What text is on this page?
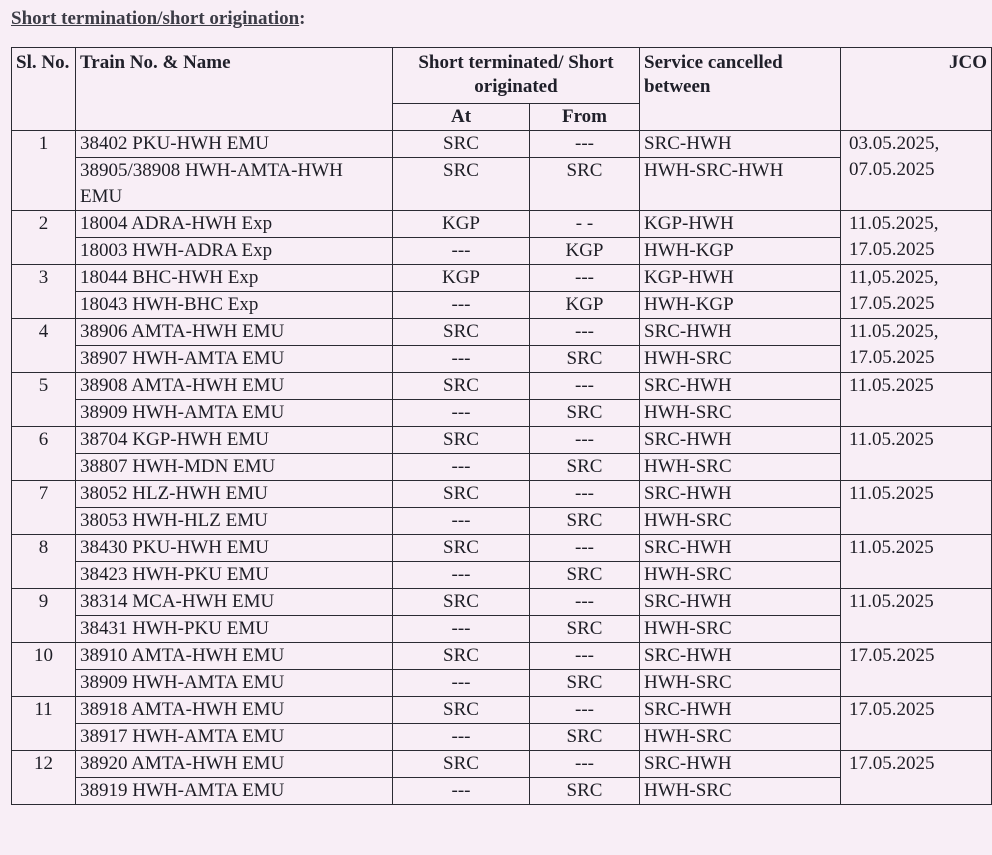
Short termination/short origination:
Sl. No.	Train No. & Name	Short terminated/ Short originated		Service cancelled between	JCO
		At	From		
1	38402 PKU-HWH EMU	SRC	---	SRC-HWH	03.05.2025, 07.05.2025
	38905/38908 HWH-AMTA-HWH EMU	SRC	SRC	HWH-SRC-HWH	
2	18004 ADRA-HWH Exp	KGP	- -	KGP-HWH	11.05.2025, 17.05.2025
	18003 HWH-ADRA Exp	---	KGP	HWH-KGP	
3	18044 BHC-HWH Exp	KGP	---	KGP-HWH	11,05.2025, 17.05.2025
	18043 HWH-BHC Exp	---	KGP	HWH-KGP	
4	38906 AMTA-HWH EMU	SRC	---	SRC-HWH	11.05.2025, 17.05.2025
	38907 HWH-AMTA EMU	---	SRC	HWH-SRC	
5	38908 AMTA-HWH EMU	SRC	---	SRC-HWH	11.05.2025
	38909 HWH-AMTA EMU	---	SRC	HWH-SRC	
6	38704 KGP-HWH EMU	SRC	---	SRC-HWH	11.05.2025
	38807 HWH-MDN EMU	---	SRC	HWH-SRC	
7	38052 HLZ-HWH EMU	SRC	---	SRC-HWH	11.05.2025
	38053 HWH-HLZ EMU	---	SRC	HWH-SRC	
8	38430 PKU-HWH EMU	SRC	---	SRC-HWH	11.05.2025
	38423 HWH-PKU EMU	---	SRC	HWH-SRC	
9	38314 MCA-HWH EMU	SRC	---	SRC-HWH	11.05.2025
	38431 HWH-PKU EMU	---	SRC	HWH-SRC	
10	38910 AMTA-HWH EMU	SRC	---	SRC-HWH	17.05.2025
	38909 HWH-AMTA EMU	---	SRC	HWH-SRC	
11	38918 AMTA-HWH EMU	SRC	---	SRC-HWH	17.05.2025
	38917 HWH-AMTA EMU	---	SRC	HWH-SRC	
12	38920 AMTA-HWH EMU	SRC	---	SRC-HWH	17.05.2025
	38919 HWH-AMTA EMU	---	SRC	HWH-SRC	
